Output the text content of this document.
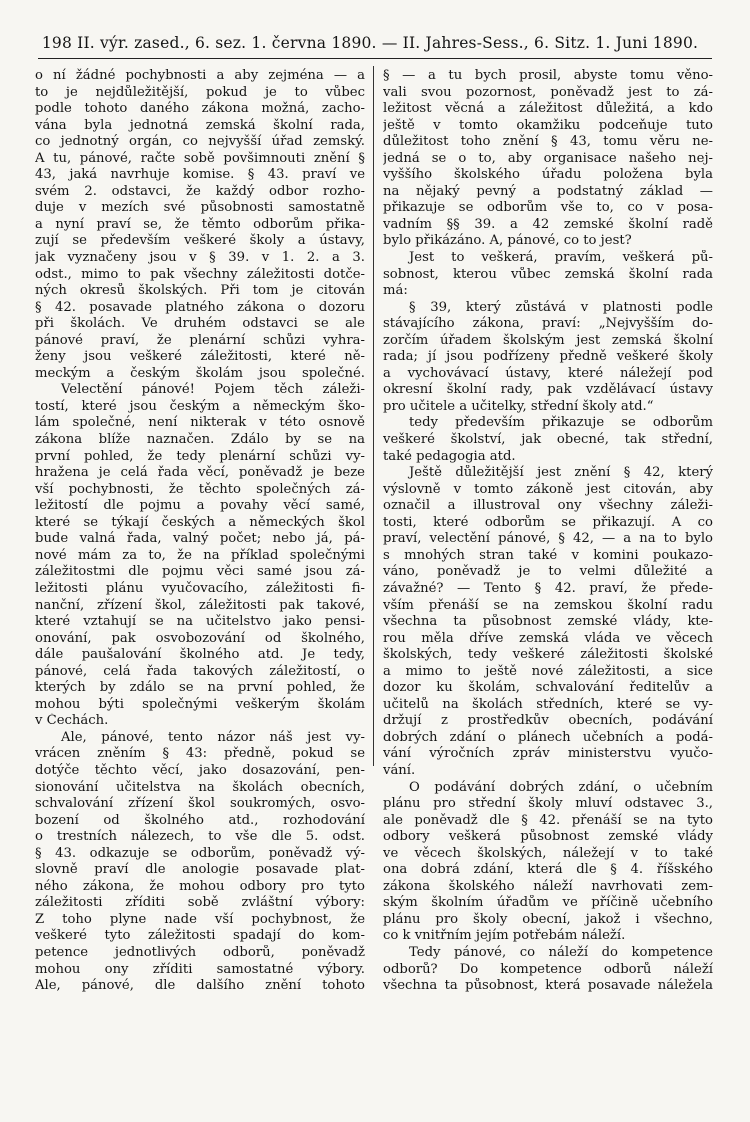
198 II. výr. zased., 6. sez. 1. června 1890. — II. Jahres-Sess., 6. Sitz. 1. Juni 1890.
o ní žádné pochybnosti a aby zejména — a
to je nejdůležitější, pokud je to vůbec
podle tohoto daného zákona možná, zacho-
vána byla jednotná zemská školní rada,
co jednotný orgán, co nejvyšší úřad zemský.
A tu, pánové, račte sobě povšimnouti znění §
43, jaká navrhuje komise. § 43. praví ve
svém 2. odstavci, že každý odbor rozho-
duje v mezích své působnosti samostatně
a nyní praví se, že těmto odborům přika-
zují se především veškeré školy a ústavy,
jak vyznačeny jsou v § 39. v 1. 2. a 3.
odst., mimo to pak všechny záležitosti dotče-
ných okresů školských. Při tom je citován
§ 42. posavade platného zákona o dozoru
při školách. Ve druhém odstavci se ale
pánové praví, že plenární schůzi vyhra-
ženy jsou veškeré záležitosti, které ně-
meckým a českým školám jsou společné.
Velectění pánové! Pojem těch záleži-
tostí, které jsou českým a německým ško-
lám společné, není nikterak v této osnově
zákona blíže naznačen. Zdálo by se na
první pohled, že tedy plenární schůzi vy-
hražena je celá řada věcí, poněvadž je beze
vší pochybnosti, že těchto společných zá-
ležitostí dle pojmu a povahy věcí samé,
které se týkají českých a německých škol
bude valná řada, valný počet; nebo já, pá-
nové mám za to, že na příklad společnými
záležitostmi dle pojmu věci samé jsou zá-
ležitosti plánu vyučovacího, záležitosti fi-
nanční, zřízení škol, záležitosti pak takové,
které vztahují se na učitelstvo jako pensi-
onování, pak osvobozování od školného,
dále paušalování školného atd. Je tedy,
pánové, celá řada takových záležitostí, o
kterých by zdálo se na první pohled, že
mohou býti společnými veškerým školám
v Čechách.
Ale, pánové, tento názor náš jest vy-
vrácen zněním § 43: předně, pokud se
dotýče těchto věcí, jako dosazování, pen-
sionování učitelstva na školách obecních,
schvalování zřízení škol soukromých, osvo-
bození od školného atd., rozhodování
o trestních nálezech, to vše dle 5. odst.
§ 43. odkazuje se odborům, poněvadž vý-
slovně praví dle anologie posavade plat-
ného zákona, že mohou odbory pro tyto
záležitosti zříditi sobě zvláštní výbory:
Z toho plyne nade vší pochybnost, že
veškeré tyto záležitosti spadají do kom-
petence jednotlivých odborů, poněvadž
mohou ony zříditi samostatné výbory.
Ale, pánové, dle dalšího znění tohoto
§ — a tu bych prosil, abyste tomu věno-
vali svou pozornost, poněvadž jest to zá-
ležitost věcná a záležitost důležitá, a kdo
ještě v tomto okamžiku podceňuje tuto
důležitost toho znění § 43, tomu věru ne-
jedná se o to, aby organisace našeho nej-
vyššího školského úřadu položena byla
na nějaký pevný a podstatný základ —
přikazuje se odborům vše to, co v posa-
vadním §§ 39. a 42 zemské školní radě
bylo přikázáno. A, pánové, co to jest?
Jest to veškerá, pravím, veškerá pů-
sobnost, kterou vůbec zemská školní rada
má:
§ 39, který zůstává v platnosti podle
stávajícího zákona, praví: „Nejvyšším do-
zorčím úřadem školským jest zemská školní
rada; jí jsou podřízeny předně veškeré školy
a vychovávací ústavy, které náležejí pod
okresní školní rady, pak vzdělávací ústavy
pro učitele a učitelky, střední školy atd.“
tedy především přikazuje se odborům
veškeré školství, jak obecné, tak střední,
také pedagogia atd.
Ještě důležitější jest znění § 42, který
výslovně v tomto zákoně jest citován, aby
označil a illustroval ony všechny záleži-
tosti, které odborům se přikazují. A co
praví, velectění pánové, § 42, — a na to bylo
s mnohých stran také v komini poukazo-
váno, poněvadž je to velmi důležité a
závažné? — Tento § 42. praví, že přede-
vším přenáší se na zemskou školní radu
všechna ta působnost zemské vlády, kte-
rou měla dříve zemská vláda ve věcech
školských, tedy veškeré záležitosti školské
a mimo to ještě nové záležitosti, a sice
dozor ku školám, schvalování ředitelův a
učitelů na školách středních, které se vy-
držují z prostředkův obecních, podávání
dobrých zdání o plánech učebních a podá-
vání výročních zpráv ministerstvu vyučo-
vání.
O podávání dobrých zdání, o učebním
plánu pro střední školy mluví odstavec 3.,
ale poněvadž dle § 42. přenáší se na tyto
odbory veškerá působnost zemské vlády
ve věcech školských, náležejí v to také
ona dobrá zdání, která dle § 4. říšského
zákona školského náleží navrhovati zem-
ským školním úřadům ve příčině učebního
plánu pro školy obecní, jakož i všechno,
co k vnitřním jejím potřebám náleží.
Tedy pánové, co náleží do kompetence
odborů? Do kompetence odborů náleží
všechna ta působnost, která posavade náležela
